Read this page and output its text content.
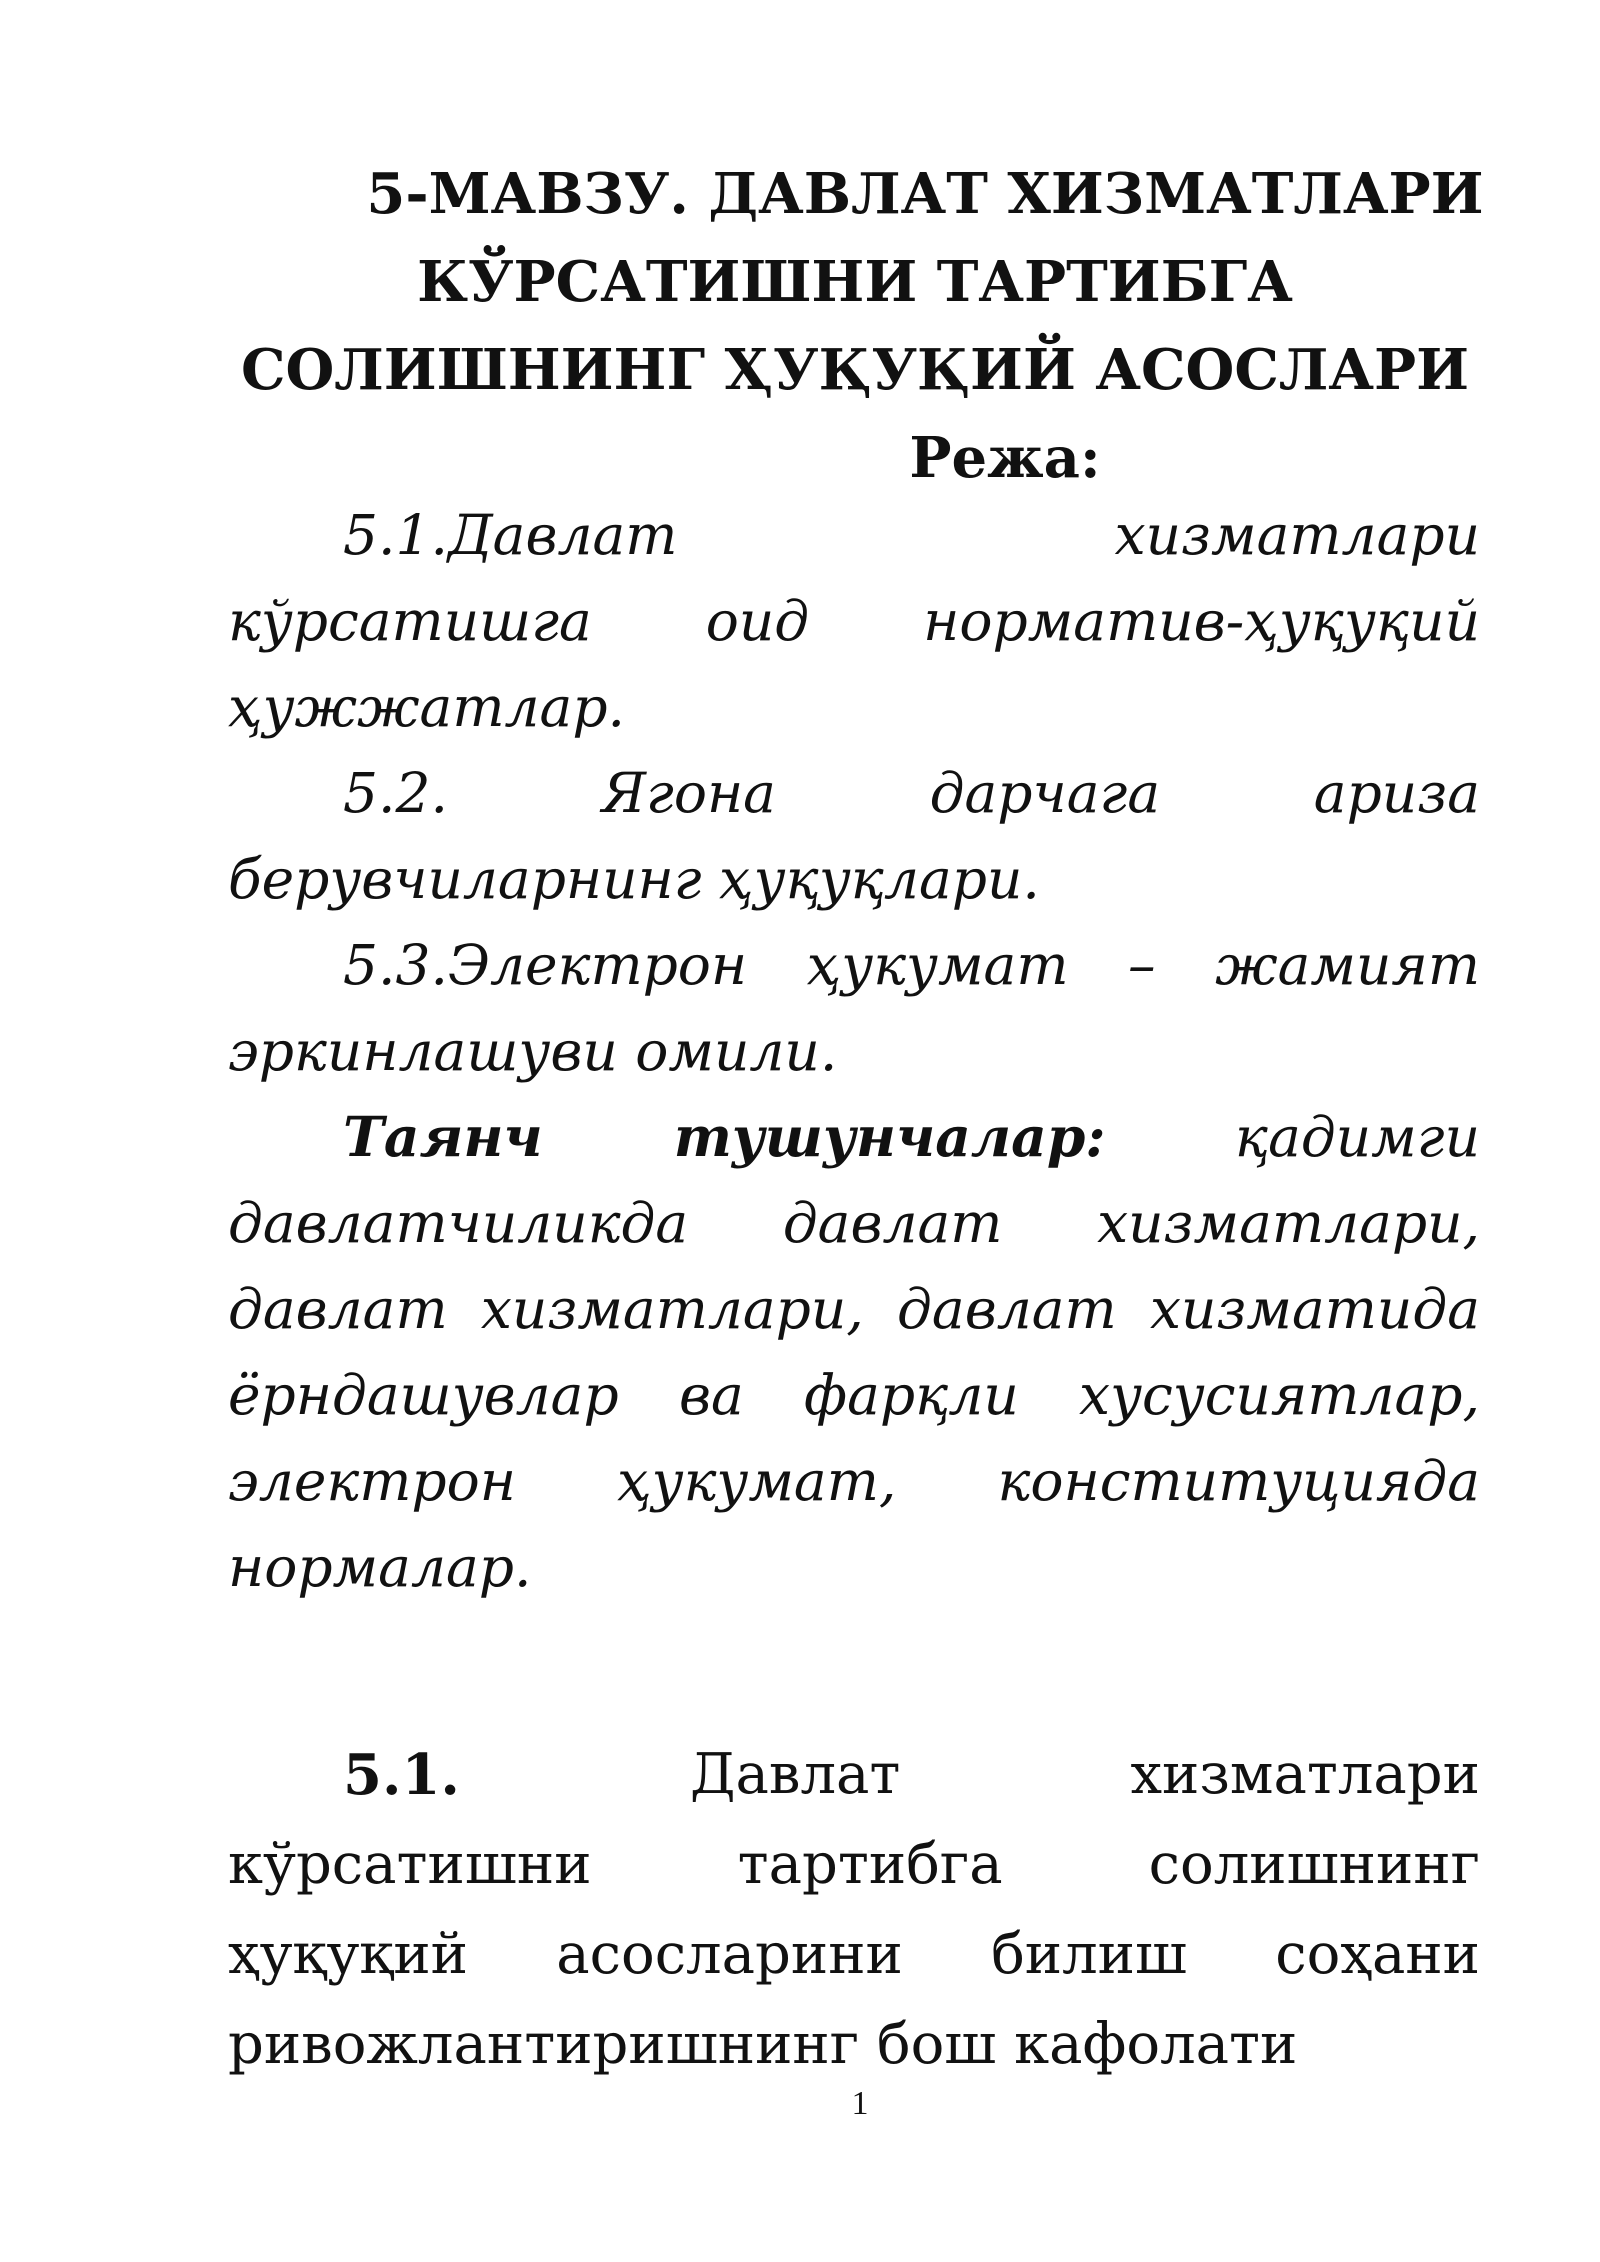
5-МАВЗУ. ДАВЛАТ ХИЗМАТЛАРИ
КЎРСАТИШНИ ТАРТИБГА
СОЛИШНИНГ ҲУҚУҚИЙ АСОСЛАРИ
Режа:
5.1.Давлат	хизматлари

кўрсатишга оид норматив-ҳуқуқий ҳужжатлар.

5.2.	Ягона	дарчага	ариза

берувчиларнинг ҳуқуқлари.

5.3.Электрон ҳукумат – жамият эркинлашуви омили.

Таянч тушунчалар: қадимги давлатчиликда давлат хизматлари, давлат хизматлари, давлат хизматида ёрндашувлар ва фарқли хусусиятлар, электрон ҳукумат, конституцияда нормалар.

5.1.	Давлат	хизматлари

кўрсатишни тартибга солишнинг ҳуқуқий асосларини билиш соҳани ривожлантиришнинг бош кафолати

1
